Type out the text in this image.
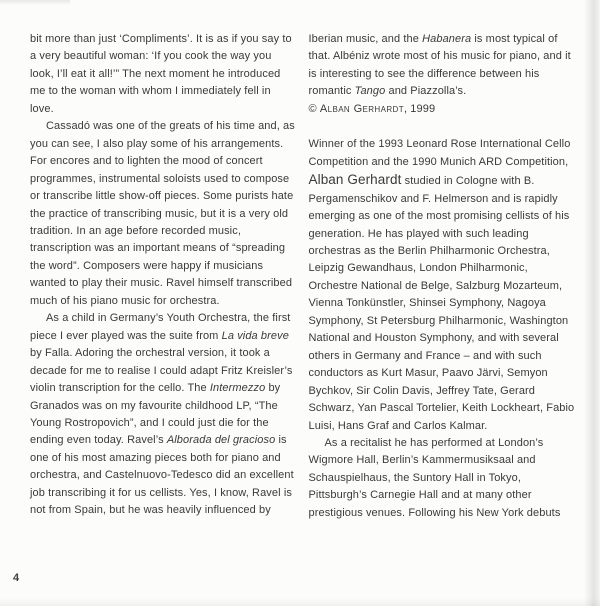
bit more than just ‘Compliments’. It is as if you say to a very beautiful woman: ‘If you cook the way you look, I’ll eat it all!’” The next moment he introduced me to the woman with whom I immediately fell in love.

Cassadó was one of the greats of his time and, as you can see, I also play some of his arrangements. For encores and to lighten the mood of concert programmes, instrumental soloists used to compose or transcribe little show-off pieces. Some purists hate the practice of transcribing music, but it is a very old tradition. In an age before recorded music, transcription was an important means of “spreading the word”. Composers were happy if musicians wanted to play their music. Ravel himself transcribed much of his piano music for orchestra.

As a child in Germany’s Youth Orchestra, the first piece I ever played was the suite from La vida breve by Falla. Adoring the orchestral version, it took a decade for me to realise I could adapt Fritz Kreisler’s violin transcription for the cello. The Intermezzo by Granados was on my favourite childhood LP, “The Young Rostropovich”, and I could just die for the ending even today. Ravel’s Alborada del gracioso is one of his most amazing pieces both for piano and orchestra, and Castelnuovo-Tedesco did an excellent job transcribing it for us cellists. Yes, I know, Ravel is not from Spain, but he was heavily influenced by

Iberian music, and the Habanera is most typical of that. Albéniz wrote most of his music for piano, and it is interesting to see the difference between his romantic Tango and Piazzolla’s.

© Alban Gerhardt, 1999

Winner of the 1993 Leonard Rose International Cello Competition and the 1990 Munich ARD Competition, Alban Gerhardt studied in Cologne with B. Pergamenschikov and F. Helmerson and is rapidly emerging as one of the most promising cellists of his generation. He has played with such leading orchestras as the Berlin Philharmonic Orchestra, Leipzig Gewandhaus, London Philharmonic, Orchestre National de Belge, Salzburg Mozarteum, Vienna Tonkünstler, Shinsei Symphony, Nagoya Symphony, St Petersburg Philharmonic, Washington National and Houston Symphony, and with several others in Germany and France – and with such conductors as Kurt Masur, Paavo Järvi, Semyon Bychkov, Sir Colin Davis, Jeffrey Tate, Gerard Schwarz, Yan Pascal Tortelier, Keith Lockheart, Fabio Luisi, Hans Graf and Carlos Kalmar.

As a recitalist he has performed at London’s Wigmore Hall, Berlin’s Kammermusiksaal and Schauspielhaus, the Suntory Hall in Tokyo, Pittsburgh’s Carnegie Hall and at many other prestigious venues. Following his New York debuts

4
